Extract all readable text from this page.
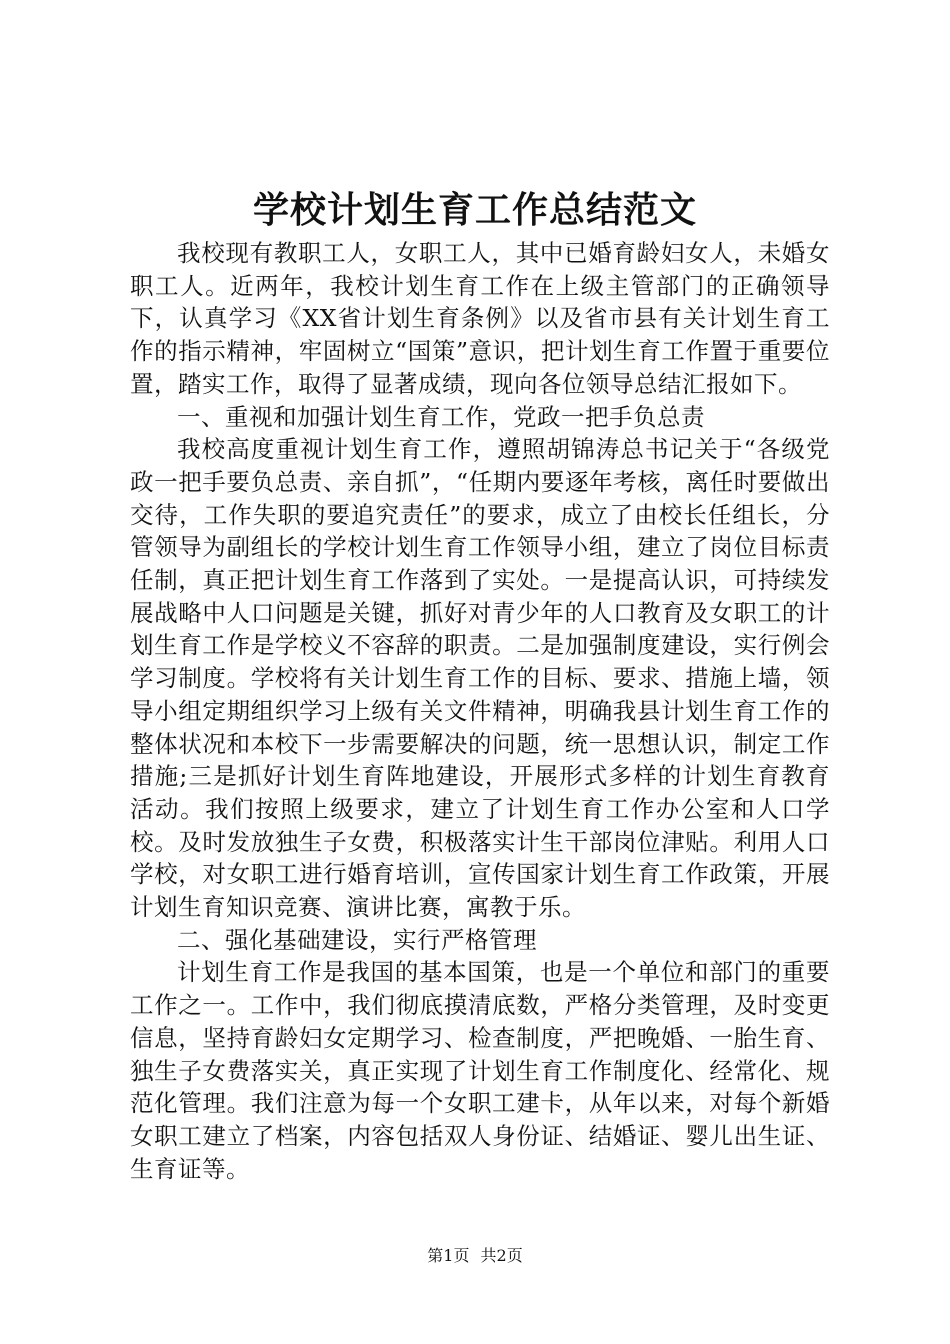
学校计划生育工作总结范文

我校现有教职工人，女职工人，其中已婚育龄妇女人，未婚女职工人。近两年，我校计划生育工作在上级主管部门的正确领导下，认真学习《XX省计划生育条例》以及省市县有关计划生育工作的指示精神，牢固树立“国策”意识，把计划生育工作置于重要位置，踏实工作，取得了显著成绩，现向各位领导总结汇报如下。

一、重视和加强计划生育工作，党政一把手负总责

我校高度重视计划生育工作，遵照胡锦涛总书记关于“各级党政一把手要负总责、亲自抓”，“任期内要逐年考核，离任时要做出交待，工作失职的要追究责任”的要求，成立了由校长任组长，分管领导为副组长的学校计划生育工作领导小组，建立了岗位目标责任制，真正把计划生育工作落到了实处。一是提高认识，可持续发展战略中人口问题是关键，抓好对青少年的人口教育及女职工的计划生育工作是学校义不容辞的职责。二是加强制度建设，实行例会学习制度。学校将有关计划生育工作的目标、要求、措施上墙，领导小组定期组织学习上级有关文件精神，明确我县计划生育工作的整体状况和本校下一步需要解决的问题，统一思想认识，制定工作措施;三是抓好计划生育阵地建设，开展形式多样的计划生育教育活动。我们按照上级要求，建立了计划生育工作办公室和人口学校。及时发放独生子女费，积极落实计生干部岗位津贴。利用人口学校，对女职工进行婚育培训，宣传国家计划生育工作政策，开展计划生育知识竞赛、演讲比赛，寓教于乐。

二、强化基础建设，实行严格管理

计划生育工作是我国的基本国策，也是一个单位和部门的重要工作之一。工作中，我们彻底摸清底数，严格分类管理，及时变更信息，坚持育龄妇女定期学习、检查制度，严把晚婚、一胎生育、独生子女费落实关，真正实现了计划生育工作制度化、经常化、规范化管理。我们注意为每一个女职工建卡，从年以来，对每个新婚女职工建立了档案，内容包括双人身份证、结婚证、婴儿出生证、生育证等。

第1页 共2页
